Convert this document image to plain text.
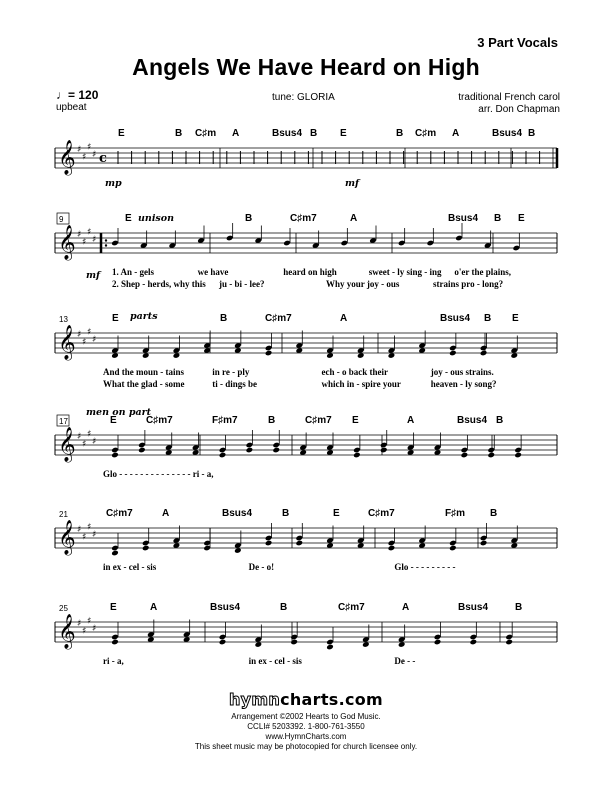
3 Part Vocals
Angels We Have Heard on High
♩= 120
upbeat
tune: GLORIA	traditional French carol
arr. Don Chapman
𝄞 ♯
♯
♯
♯ c
E	B C♯m A	Bsus4 B E	B C♯m A	Bsus4 B
mp	mf
𝄞 ♯
♯
♯
♯
E	B	C♯m7	A	Bsus4 B E
9	unison
mf 1. An - gels	we have	heard on high	sweet - ly sing - ing o'er the plains,
2. Shep - herds, why this ju - bi - lee?	Why your joy - ous	strains pro - long?
𝄞 ♯
♯
♯
♯
E	B	C♯m7	A	Bsus4 B E
13	parts
And the moun - tains	in re - ply	ech - o back their	joy - ous strains.
What the glad - some	ti - dings be	which in - spire your	heaven - ly song?
𝄞 ♯
♯
♯
♯
E	C♯m7	F♯m7	B	C♯m7 E	A	Bsus4 B
17
men on part
Glo - - - - - - - - - - - - - - ri - a,
𝄞 ♯
♯
♯
♯
C♯m7	A	Bsus4	B	E	C♯m7	F♯m	B
21
in ex - cel - sis	De - o!	Glo - - - - - - - - -
𝄞 ♯
♯
♯
♯
E	A	Bsus4	B	C♯m7	A	Bsus4	B
25
ri - a,	in ex - cel - sis	De - -
hymncharts.com
Arrangement ©2002 Hearts to God Music.
CCLI# 5203392. 1-800-761-3550
www.HymnCharts.com
This sheet music may be photocopied for church licensee only.
